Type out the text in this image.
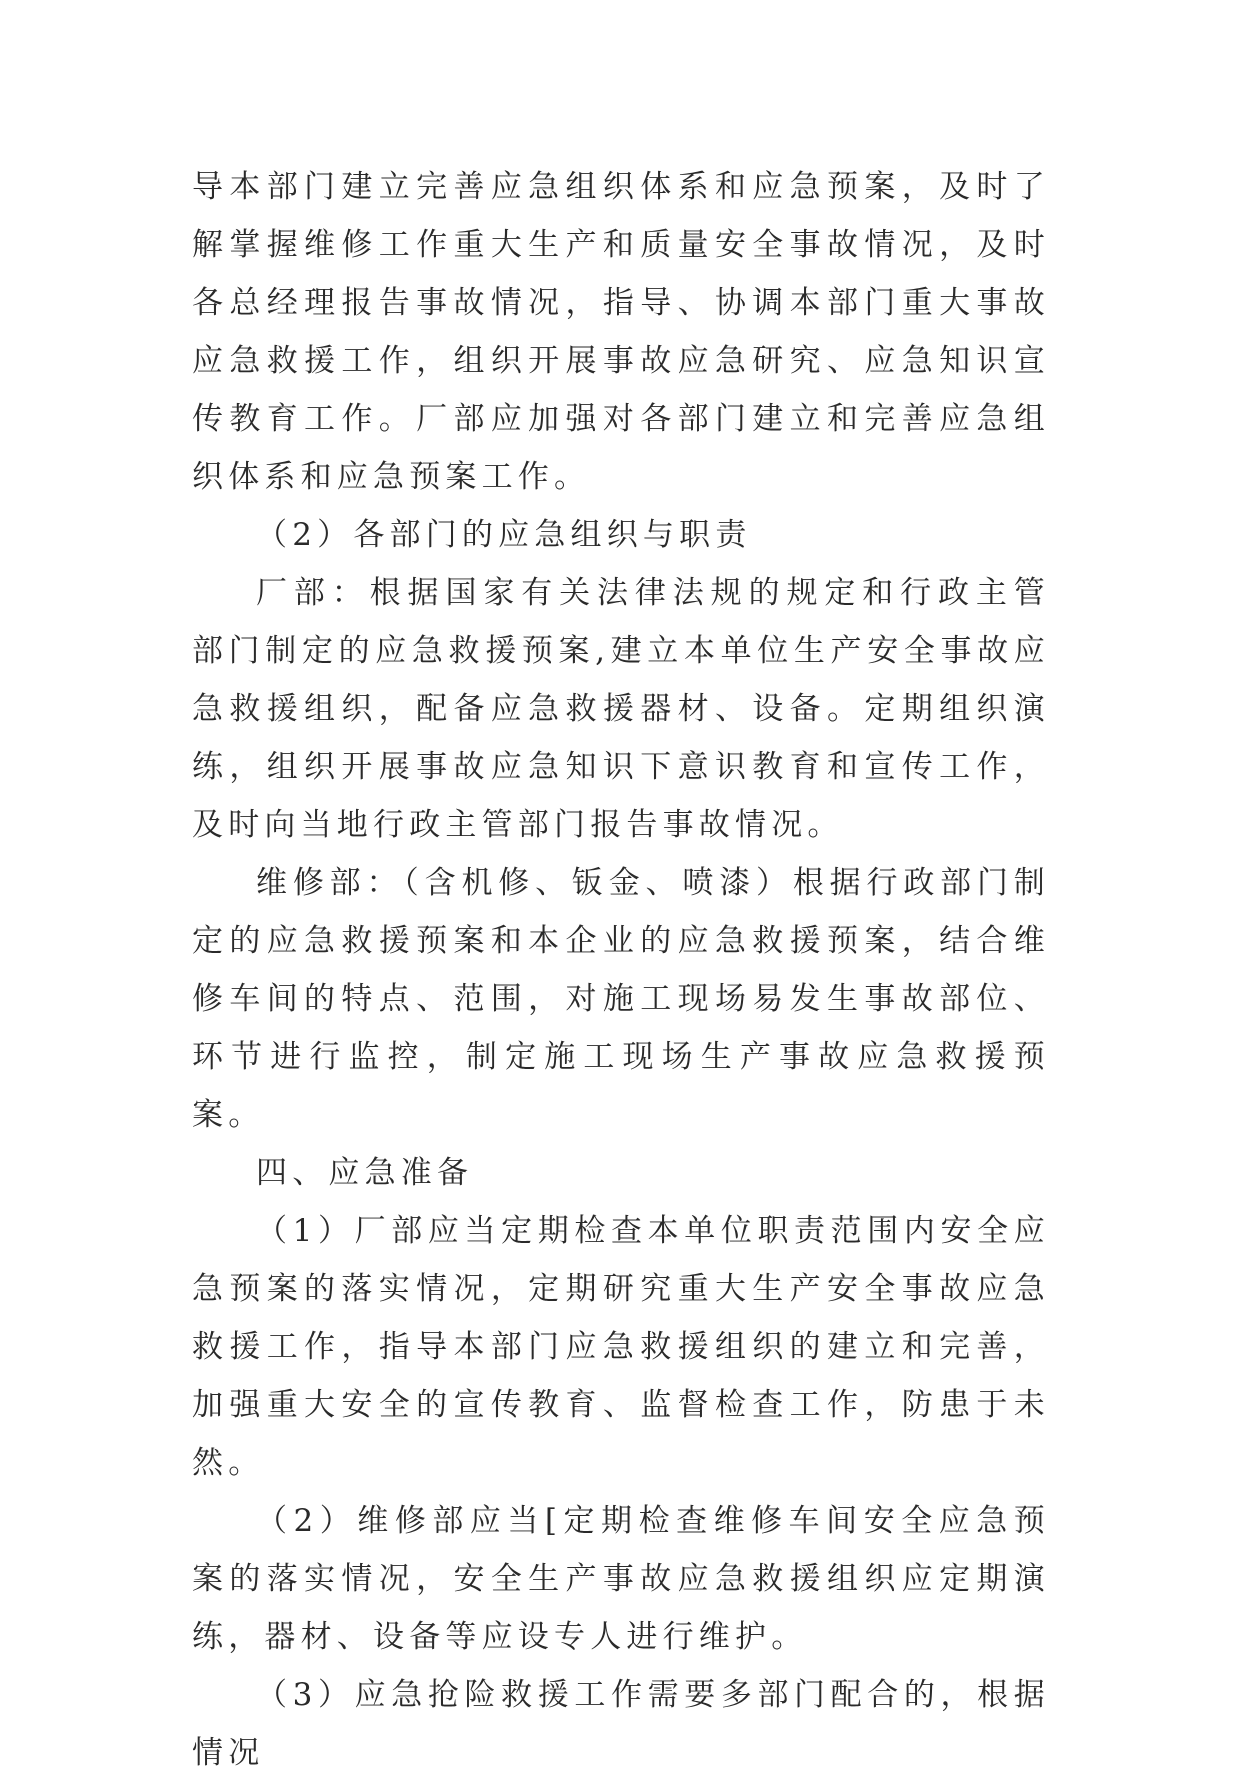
导本部门建立完善应急组织体系和应急预案，及时了解掌握维修工作重大生产和质量安全事故情况，及时各总经理报告事故情况，指导、协调本部门重大事故应急救援工作，组织开展事故应急研究、应急知识宣传教育工作。厂部应加强对各部门建立和完善应急组织体系和应急预案工作。

（2）各部门的应急组织与职责

厂部：根据国家有关法律法规的规定和行政主管部门制定的应急救援预案,建立本单位生产安全事故应急救援组织，配备应急救援器材、设备。定期组织演练，组织开展事故应急知识下意识教育和宣传工作，及时向当地行政主管部门报告事故情况。

维修部：（含机修、钣金、喷漆）根据行政部门制定的应急救援预案和本企业的应急救援预案，结合维修车间的特点、范围，对施工现场易发生事故部位、环节进行监控，制定施工现场生产事故应急救援预案。

四、应急准备

（1）厂部应当定期检查本单位职责范围内安全应急预案的落实情况，定期研究重大生产安全事故应急救援工作，指导本部门应急救援组织的建立和完善，加强重大安全的宣传教育、监督检查工作，防患于未然。

（2）维修部应当[定期检查维修车间安全应急预案的落实情况，安全生产事故应急救援组织应定期演练，器材、设备等应设专人进行维护。

（3）应急抢险救援工作需要多部门配合的，根据情况
